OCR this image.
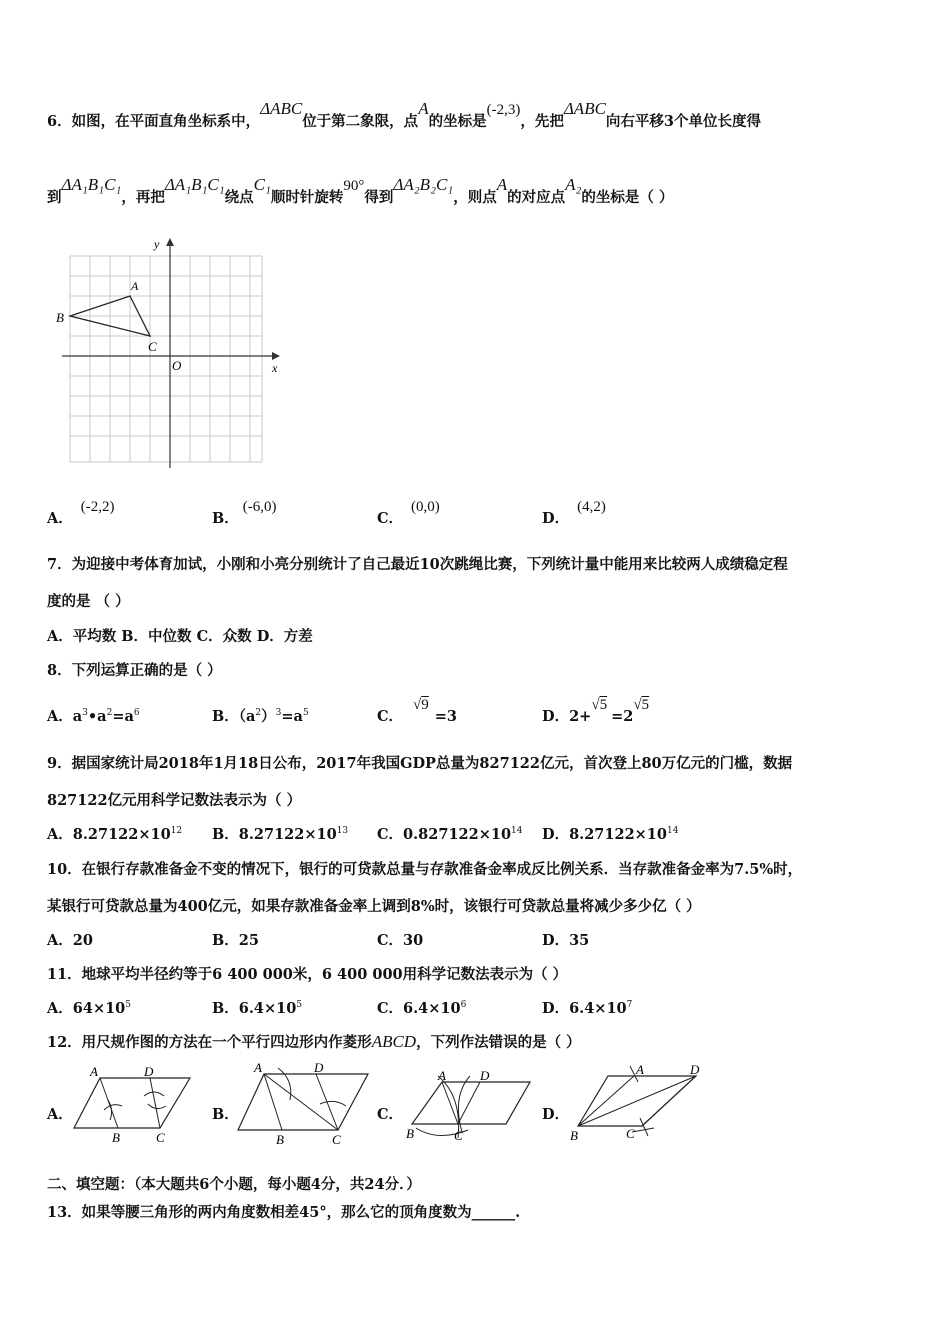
6．如图，在平面直角坐标系中，ΔABC位于第二象限，点A的坐标是(-2,3)，先把ΔABC向右平移3个单位长度得
到ΔA₁B₁C₁，再把ΔA₁B₁C₁绕点C₁顺时针旋转90°得到ΔA₂B₂C₁，则点A的对应点A₂的坐标是（ ）
A
B
C
O	x
y
A．(-2,2)
B．(-6,0)
C．(0,0)
D．(4,2)
7．为迎接中考体育加试，小刚和小亮分别统计了自己最近10次跳绳比赛，下列统计量中能用来比较两人成绩稳定程
度的是 （ ）
A．平均数 B．中位数 C．众数 D．方差
8．下列运算正确的是（ ）
A．$a^3•a^2=a^6$	B．$(a^2)^3=a^5$	C．√9=3	D．2+√5=2√5
9．据国家统计局2018年1月18日公布，2017年我国GDP总量为827122亿元，首次登上80万亿元的门槛，数据
827122亿元用科学记数法表示为（ ）
A．$8.27122\times 10^{12}$ B．$8.27122\times 10^{13}$ C．$0.827122\times 10^{14}$ D．$8.27122\times 10^{14}$
10．在银行存款准备金不变的情况下，银行的可贷款总量与存款准备金率成反比例关系．当存款准备金率为7.5%时，
某银行可贷款总量为400亿元，如果存款准备金率上调到8%时，该银行可贷款总量将减少多少亿（ ）
A．20	B．25	C．30	D．35
11．地球平均半径约等于6 400 000米，6 400 000用科学记数法表示为（ ）
A．$64\times 10^5$	B．$6.4\times 10^5$	C．$6.4\times 10^6$	D．$6.4\times 10^7$
12．用尺规作图的方法在一个平行四边形内作菱形ABCD，下列作法错误的是（ ）
A．
A	D
B	C
B．
A	D
B	C
C．
A	D
B	C
D．
A	D
B	C
二、填空题：（本大题共6个小题，每小题4分，共24分．）
13．如果等腰三角形的两内角度数相差45°，那么它的顶角度数为______.
